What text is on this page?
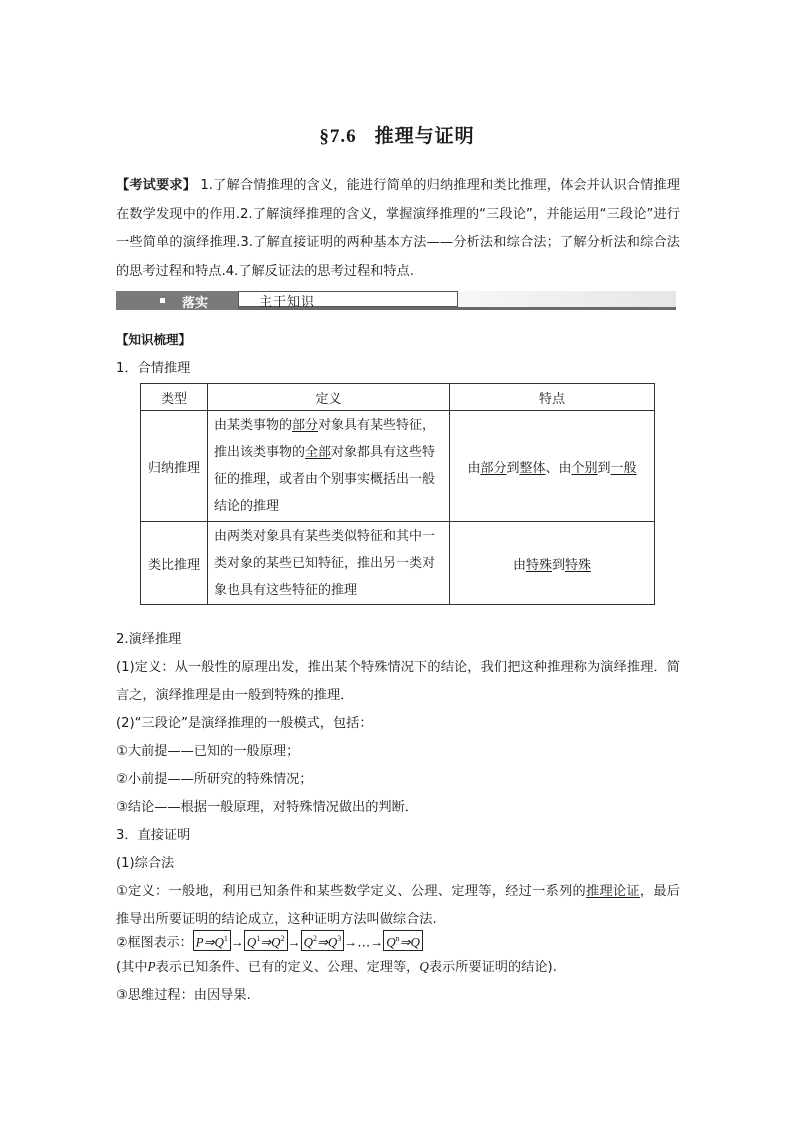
§7.6 推理与证明
【考试要求】 1.了解合情推理的含义，能进行简单的归纳推理和类比推理，体会并认识合情推理在数学发现中的作用.2.了解演绎推理的含义，掌握演绎推理的“三段论”，并能运用“三段论”进行一些简单的演绎推理.3.了解直接证明的两种基本方法——分析法和综合法；了解分析法和综合法的思考过程和特点.4.了解反证法的思考过程和特点.
落实	主干知识
【知识梳理】
1．合情推理
类型	定义	特点
归纳推理	由某类事物的部分对象具有某些特征，推出该类事物的全部对象都具有这些特征的推理，或者由个别事实概括出一般结论的推理	由部分到整体、由个别到一般
类比推理	由两类对象具有某些类似特征和其中一类对象的某些已知特征，推出另一类对象也具有这些特征的推理	由特殊到特殊
2.演绎推理
(1)定义：从一般性的原理出发，推出某个特殊情况下的结论，我们把这种推理称为演绎推理．简言之，演绎推理是由一般到特殊的推理．
(2)“三段论”是演绎推理的一般模式，包括：
①大前提——已知的一般原理；
②小前提——所研究的特殊情况；
③结论——根据一般原理，对特殊情况做出的判断．
3．直接证明
(1)综合法
①定义：一般地，利用已知条件和某些数学定义、公理、定理等，经过一系列的推理论证，最后推导出所要证明的结论成立，这种证明方法叫做综合法.
②框图表示： $P\Rightarrow Q^1$ → $Q^1\Rightarrow Q^2$ → $Q^2\Rightarrow Q^3$ →…→ $Q^n\Rightarrow Q$
(其中P表示已知条件、已有的定义、公理、定理等，Q表示所要证明的结论).
③思维过程：由因导果.
